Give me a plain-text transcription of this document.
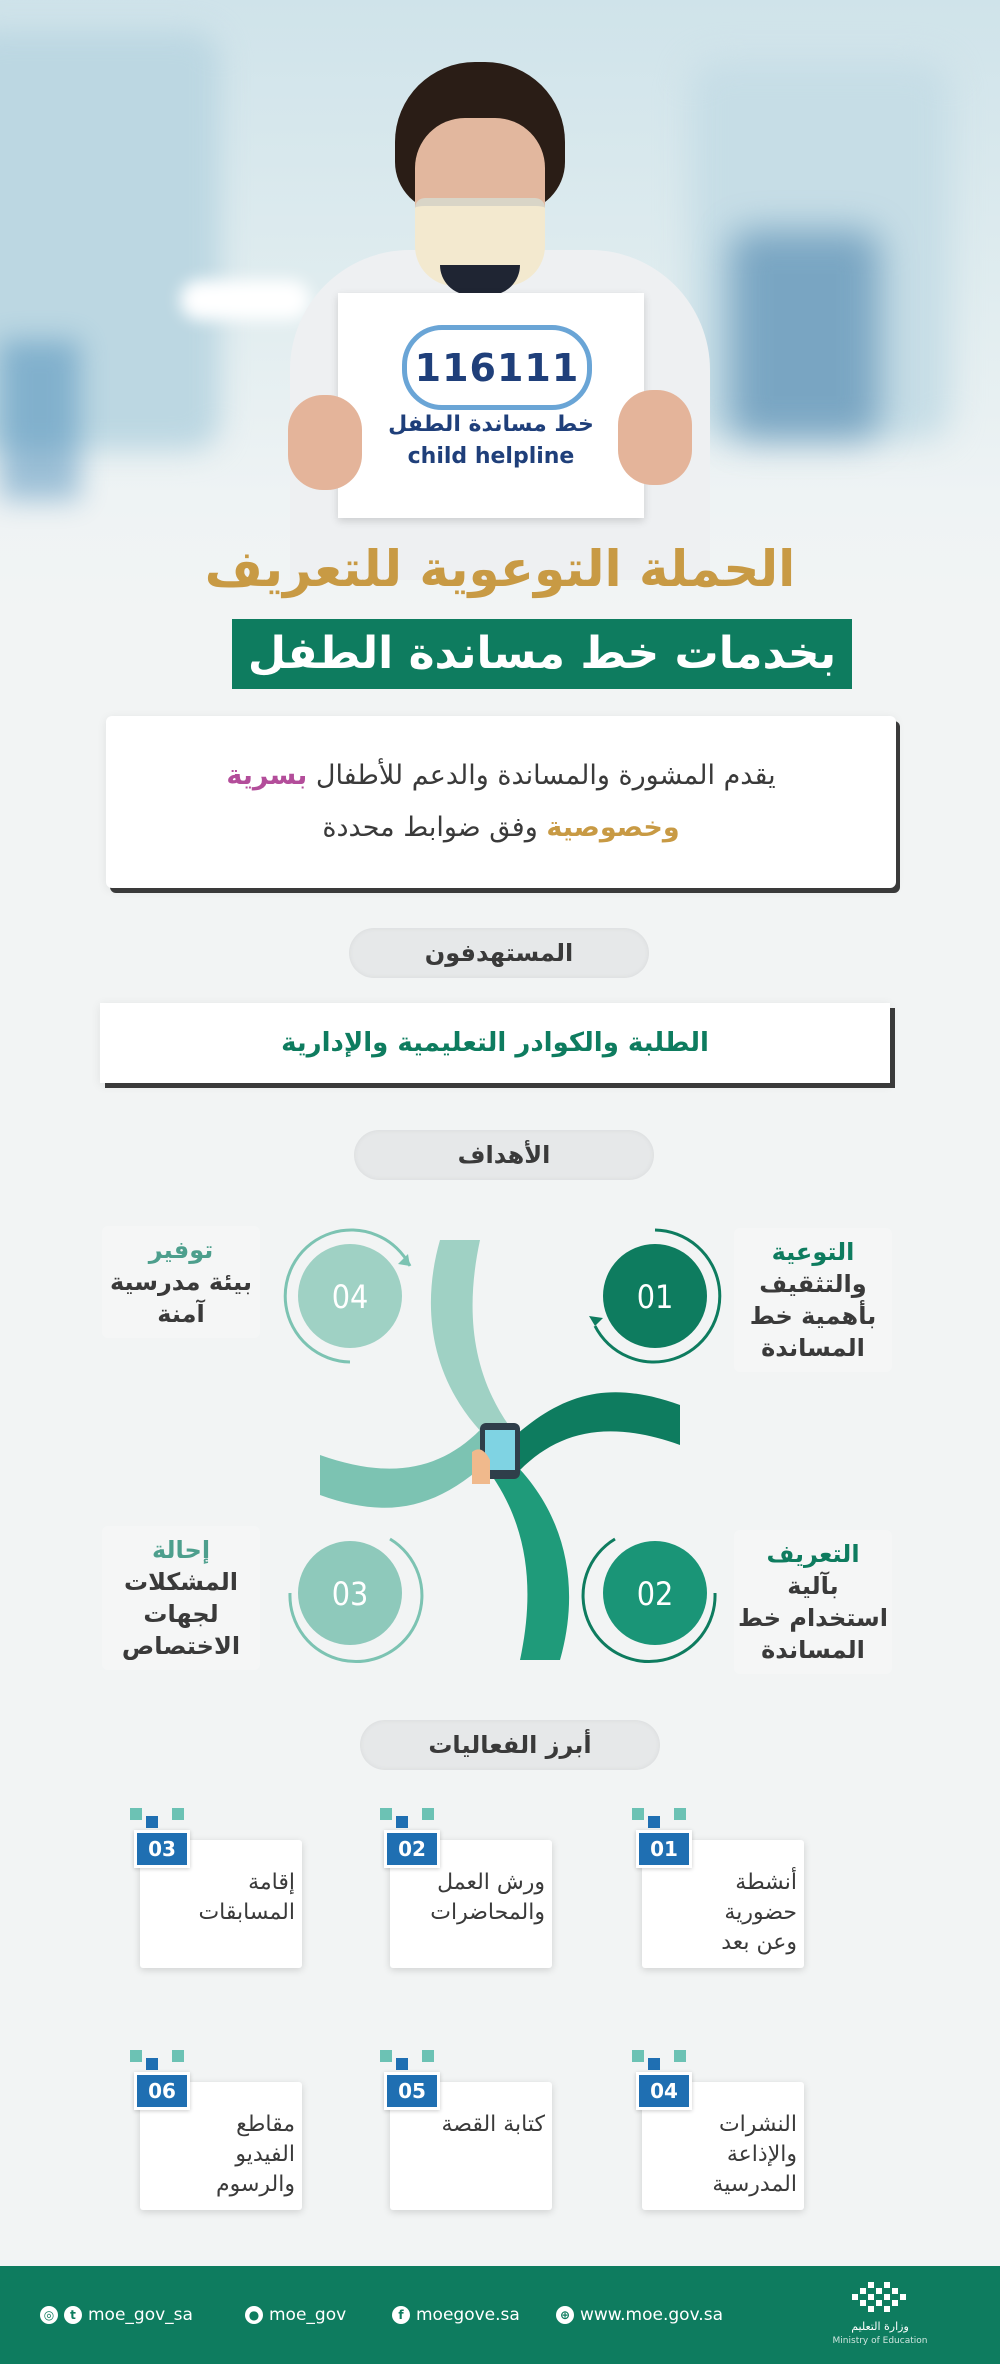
116111
خط مساندة الطفل
child helpline
الحملة التوعوية للتعريف
بخدمات خط مساندة الطفل
يقدم المشورة والمساندة والدعم للأطفال بسرية
وخصوصية وفق ضوابط محددة
المستهدفون
الطلبة والكوادر التعليمية والإدارية
الأهداف
01
02
03
04
التوعية
والتثقيف بأهمية خط المساندة
التعريف
بآلية استخدام خط المساندة
إحالة
المشكلات لجهات الاختصاص
توفير
بيئة مدرسية آمنة
أبرز الفعاليات
03
إقامة المسابقات
02
ورش العمل والمحاضرات
01
أنشطة حضورية وعن بعد
06
مقاطع الفيديو والرسوم
05
كتابة القصة
04
النشرات والإذاعة المدرسية
◎	t moe_gov_sa	● moe_gov	f moegove.sa	⊕ www.moe.gov.sa
وزارة التعليم
Ministry of Education
